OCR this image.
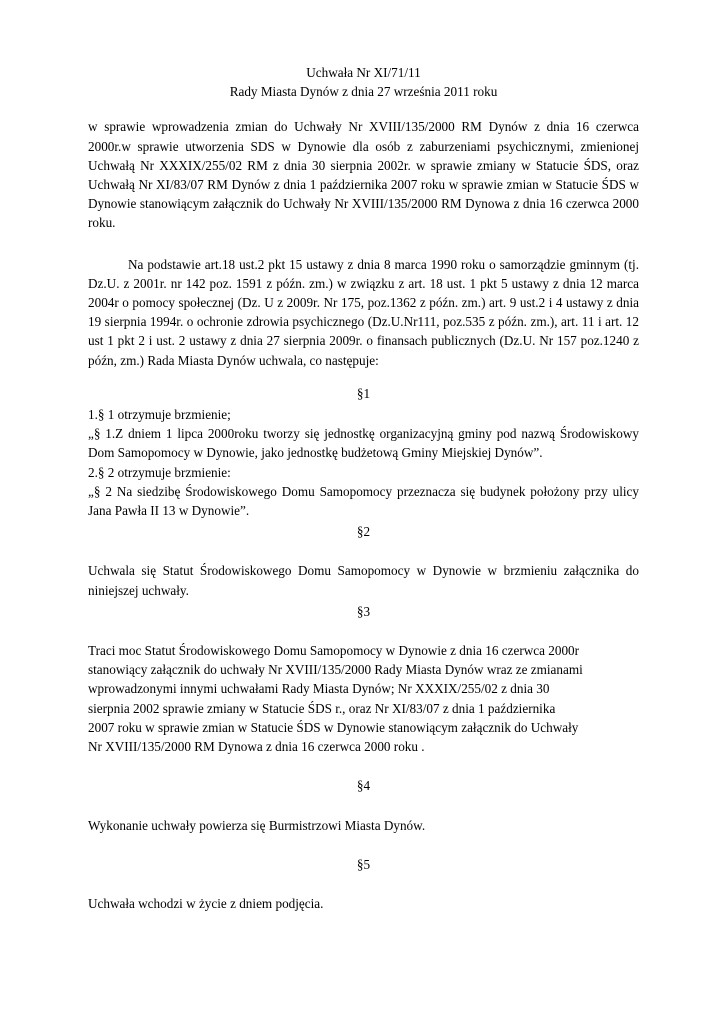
Uchwała Nr XI/71/11
Rady Miasta Dynów z dnia 27 września 2011 roku

w sprawie wprowadzenia zmian do Uchwały Nr XVIII/135/2000 RM Dynów z dnia 16 czerwca 2000r.w sprawie utworzenia SDS w Dynowie dla osób z zaburzeniami psychicznymi, zmienionej Uchwałą Nr XXXIX/255/02 RM z dnia 30 sierpnia 2002r. w sprawie zmiany w Statucie ŚDS, oraz Uchwałą Nr XI/83/07 RM Dynów z dnia 1 października 2007 roku w sprawie zmian w Statucie ŚDS w Dynowie stanowiącym załącznik do Uchwały Nr XVIII/135/2000 RM Dynowa z dnia 16 czerwca 2000 roku.

Na podstawie art.18 ust.2 pkt 15 ustawy z dnia 8 marca 1990 roku o samorządzie gminnym (tj. Dz.U. z 2001r. nr 142 poz. 1591 z późn. zm.) w związku z art. 18 ust. 1 pkt 5 ustawy z dnia 12 marca 2004r o pomocy społecznej (Dz. U z 2009r. Nr 175, poz.1362 z późn. zm.) art. 9 ust.2 i 4 ustawy z dnia 19 sierpnia 1994r. o ochronie zdrowia psychicznego (Dz.U.Nr111, poz.535 z późn. zm.), art. 11 i art. 12 ust 1 pkt 2 i ust. 2 ustawy z dnia 27 sierpnia 2009r. o finansach publicznych (Dz.U. Nr 157 poz.1240 z późn, zm.) Rada Miasta Dynów uchwala, co następuje:

§1
1.§ 1 otrzymuje brzmienie;

„§ 1.Z dniem 1 lipca 2000roku tworzy się jednostkę organizacyjną gminy pod nazwą Środowiskowy Dom Samopomocy w Dynowie, jako jednostkę budżetową Gminy Miejskiej Dynów”.

2.§ 2 otrzymuje brzmienie:

„§ 2 Na siedzibę Środowiskowego Domu Samopomocy przeznacza się budynek położony przy ulicy Jana Pawła II 13 w Dynowie”.

§2

Uchwala się Statut Środowiskowego Domu Samopomocy w Dynowie w brzmieniu załącznika do niniejszej uchwały.

§3
Traci moc Statut Środowiskowego Domu Samopomocy w Dynowie z dnia 16 czerwca 2000r
stanowiący załącznik do uchwały Nr XVIII/135/2000 Rady Miasta Dynów wraz ze zmianami
wprowadzonymi innymi uchwałami Rady Miasta Dynów; Nr XXXIX/255/02 z dnia 30
sierpnia 2002 sprawie zmiany w Statucie ŚDS r., oraz Nr XI/83/07 z dnia 1 października
2007 roku w sprawie zmian w Statucie ŚDS w Dynowie stanowiącym załącznik do Uchwały
Nr XVIII/135/2000 RM Dynowa z dnia 16 czerwca 2000 roku .
§4
Wykonanie uchwały powierza się Burmistrzowi Miasta Dynów.
§5
Uchwała wchodzi w życie z dniem podjęcia.
